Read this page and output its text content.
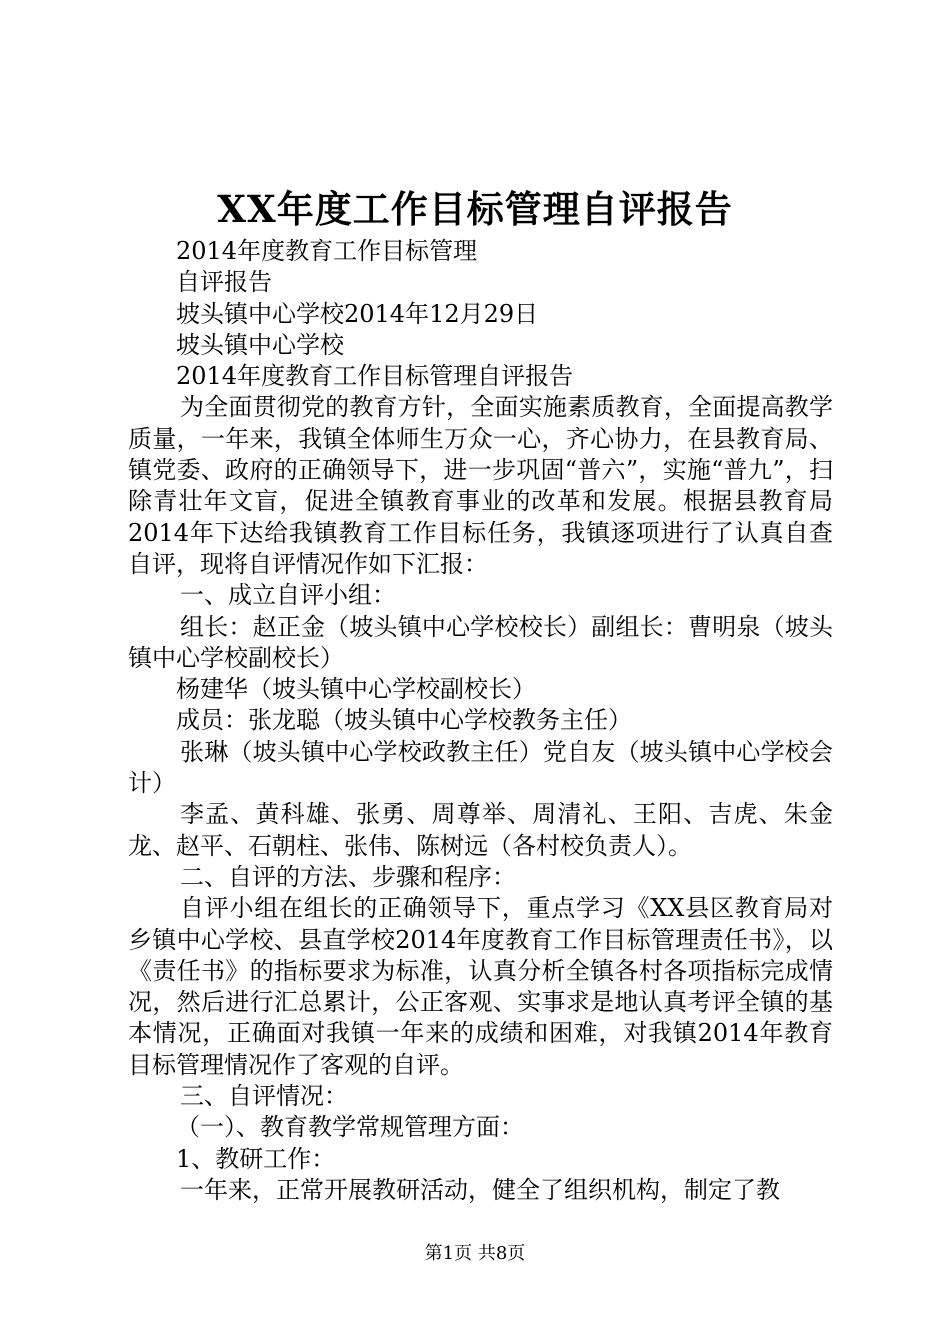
XX年度工作目标管理自评报告

2014年度教育工作目标管理

自评报告

坡头镇中心学校2014年12月29日

坡头镇中心学校

2014年度教育工作目标管理自评报告

为全面贯彻党的教育方针，全面实施素质教育，全面提高教学质量，一年来，我镇全体师生万众一心，齐心协力，在县教育局、镇党委、政府的正确领导下，进一步巩固“普六”，实施“普九”，扫除青壮年文盲，促进全镇教育事业的改革和发展。根据县教育局2014年下达给我镇教育工作目标任务，我镇逐项进行了认真自查自评，现将自评情况作如下汇报：

一、成立自评小组：

组长：赵正金（坡头镇中心学校校长）副组长：曹明泉（坡头镇中心学校副校长）

杨建华（坡头镇中心学校副校长）

成员：张龙聪（坡头镇中心学校教务主任）

张琳（坡头镇中心学校政教主任）党自友（坡头镇中心学校会计）

李孟、黄科雄、张勇、周尊举、周清礼、王阳、吉虎、朱金龙、赵平、石朝柱、张伟、陈树远（各村校负责人）。

二、自评的方法、步骤和程序：

自评小组在组长的正确领导下，重点学习《XX县区教育局对乡镇中心学校、县直学校2014年度教育工作目标管理责任书》，以《责任书》的指标要求为标准，认真分析全镇各村各项指标完成情况，然后进行汇总累计，公正客观、实事求是地认真考评全镇的基本情况，正确面对我镇一年来的成绩和困难，对我镇2014年教育目标管理情况作了客观的自评。

三、自评情况：

（一）、教育教学常规管理方面：

1、教研工作：

一年来，正常开展教研活动，健全了组织机构，制定了教

第1页 共8页
